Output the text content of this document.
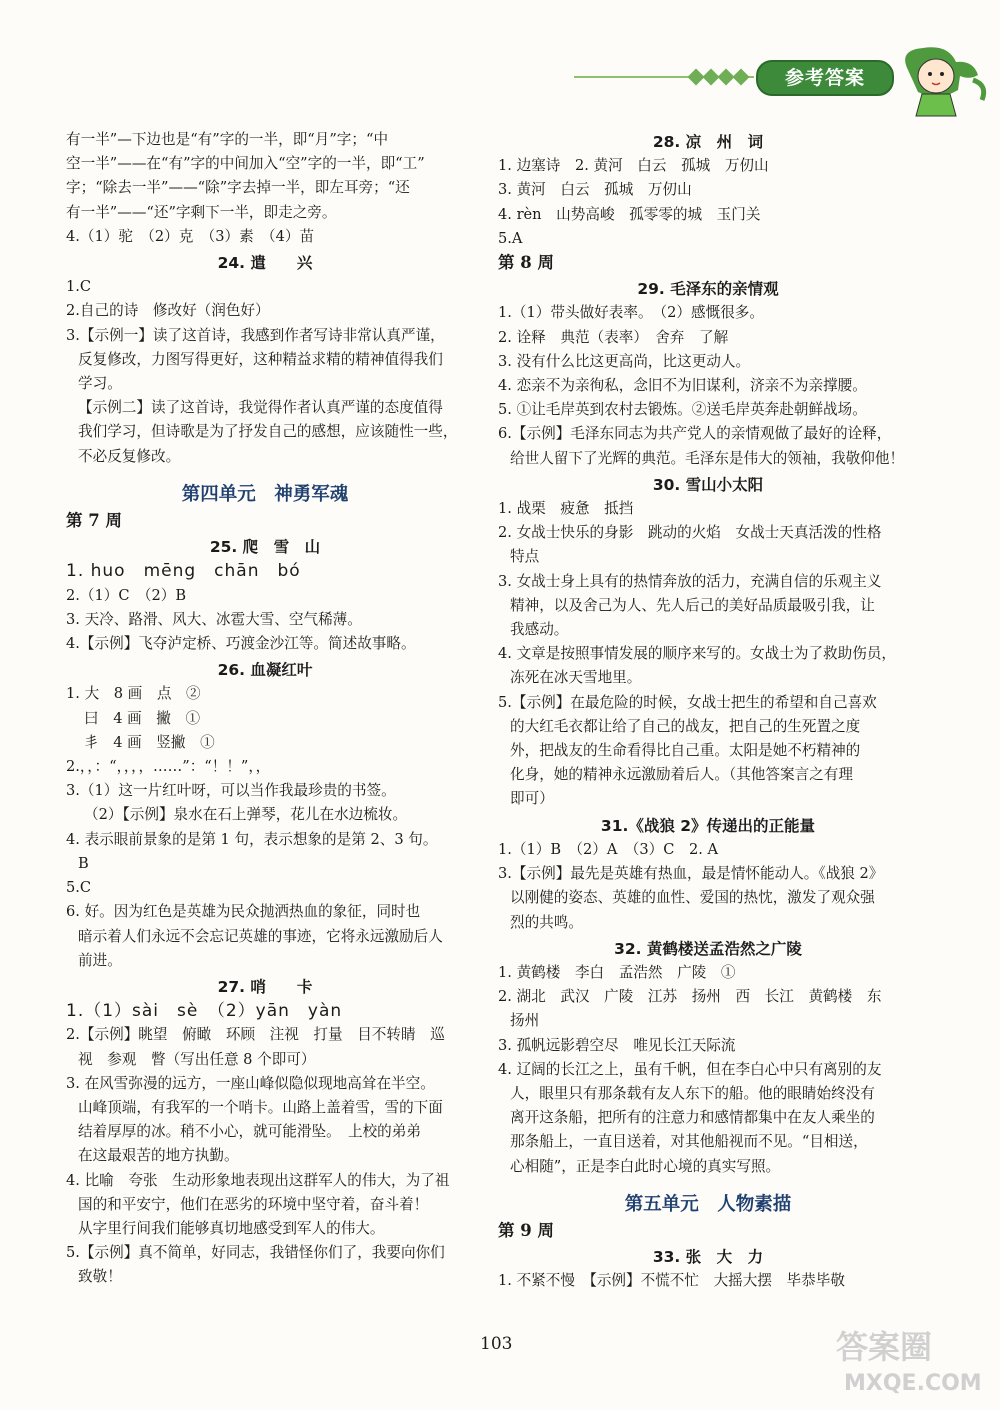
参考答案

有一半”—下边也是“有”字的一半，即“月”字；“中

空一半”——在“有”字的中间加入“空”字的一半，即“工”

字；“除去一半”——“除”字去掉一半，即左耳旁；“还

有一半”——“还”字剩下一半，即走之旁。

4.（1）驼　（2）克　（3）素　（4）苗

24. 遣　　兴

1.C

2.自己的诗　修改好（润色好）

3.【示例一】读了这首诗，我感到作者写诗非常认真严谨，

反复修改，力图写得更好，这种精益求精的精神值得我们

学习。

【示例二】读了这首诗，我觉得作者认真严谨的态度值得

我们学习，但诗歌是为了抒发自己的感想，应该随性一些，

不必反复修改。

第四单元　神勇军魂

第 7 周

25. 爬　雪　山

1. huo　mēng　chān　bó

2.（1）C　（2）B

3. 天冷、路滑、风大、冰雹大雪、空气稀薄。

4.【示例】飞夺泸定桥、巧渡金沙江等。简述故事略。

26. 血凝红叶

1. 大　8 画　点　②

曰　4 画　撇　①

丯　4 画　竖撇　①

2.，，：“，，，，……”：“！！”，，

3.（1）这一片红叶呀，可以当作我最珍贵的书签。

（2）【示例】泉水在石上弹琴，花儿在水边梳妆。

4. 表示眼前景象的是第 1 句，表示想象的是第 2、3 句。

B

5.C

6. 好。因为红色是英雄为民众抛洒热血的象征，同时也

暗示着人们永远不会忘记英雄的事迹，它将永远激励后人

前进。

27. 哨　　卡

1.（1）sài　sè　（2）yān　yàn

2.【示例】眺望　俯瞰　环顾　注视　打量　目不转睛　巡

视　参观　瞥（写出任意 8 个即可）

3. 在风雪弥漫的远方，一座山峰似隐似现地高耸在半空。

山峰顶端，有我军的一个哨卡。山路上盖着雪，雪的下面

结着厚厚的冰。稍不小心，就可能滑坠。　上校的弟弟

在这最艰苦的地方执勤。

4. 比喻　夸张　生动形象地表现出这群军人的伟大，为了祖

国的和平安宁，他们在恶劣的环境中坚守着，奋斗着！

从字里行间我们能够真切地感受到军人的伟大。

5.【示例】真不简单，好同志，我错怪你们了，我要向你们

致敬！

28. 凉　州　词

1. 边塞诗　2. 黄河　白云　孤城　万仞山

3. 黄河　白云　孤城　万仞山

4. rèn　山势高峻　孤零零的城　玉门关

5.A

第 8 周

29. 毛泽东的亲情观

1.（1）带头做好表率。　（2）感慨很多。

2. 诠释　典范（表率）　舍弃　了解

3. 没有什么比这更高尚，比这更动人。

4. 恋亲不为亲徇私，念旧不为旧谋利，济亲不为亲撑腰。

5. ①让毛岸英到农村去锻炼。②送毛岸英奔赴朝鲜战场。

6.【示例】毛泽东同志为共产党人的亲情观做了最好的诠释，

给世人留下了光辉的典范。毛泽东是伟大的领袖，我敬仰他！

30. 雪山小太阳

1. 战栗　疲惫　抵挡

2. 女战士快乐的身影　跳动的火焰　女战士天真活泼的性格

特点

3. 女战士身上具有的热情奔放的活力，充满自信的乐观主义

精神，以及舍己为人、先人后己的美好品质最吸引我，让

我感动。

4. 文章是按照事情发展的顺序来写的。女战士为了救助伤员，

冻死在冰天雪地里。

5.【示例】在最危险的时候，女战士把生的希望和自己喜欢

的大红毛衣都让给了自己的战友，把自己的生死置之度

外，把战友的生命看得比自己重。太阳是她不朽精神的

化身，她的精神永远激励着后人。（其他答案言之有理

即可）

31.《战狼 2》传递出的正能量

1.（1）B　（2）A　（3）C　2. A

3.【示例】最先是英雄有热血，最是情怀能动人。《战狼 2》

以刚健的姿态、英雄的血性、爱国的热忱，激发了观众强

烈的共鸣。

32. 黄鹤楼送孟浩然之广陵

1. 黄鹤楼　李白　孟浩然　广陵　①

2. 湖北　武汉　广陵　江苏　扬州　西　长江　黄鹤楼　东

扬州

3. 孤帆远影碧空尽　唯见长江天际流

4. 辽阔的长江之上，虽有千帆，但在李白心中只有离别的友

人，眼里只有那条载有友人东下的船。他的眼睛始终没有

离开这条船，把所有的注意力和感情都集中在友人乘坐的

那条船上，一直目送着，对其他船视而不见。“目相送，

心相随”，正是李白此时心境的真实写照。

第五单元　人物素描

第 9 周

33. 张　大　力

1. 不紧不慢　【示例】不慌不忙　大摇大摆　毕恭毕敬

103	答案圈
MXQE.COM
